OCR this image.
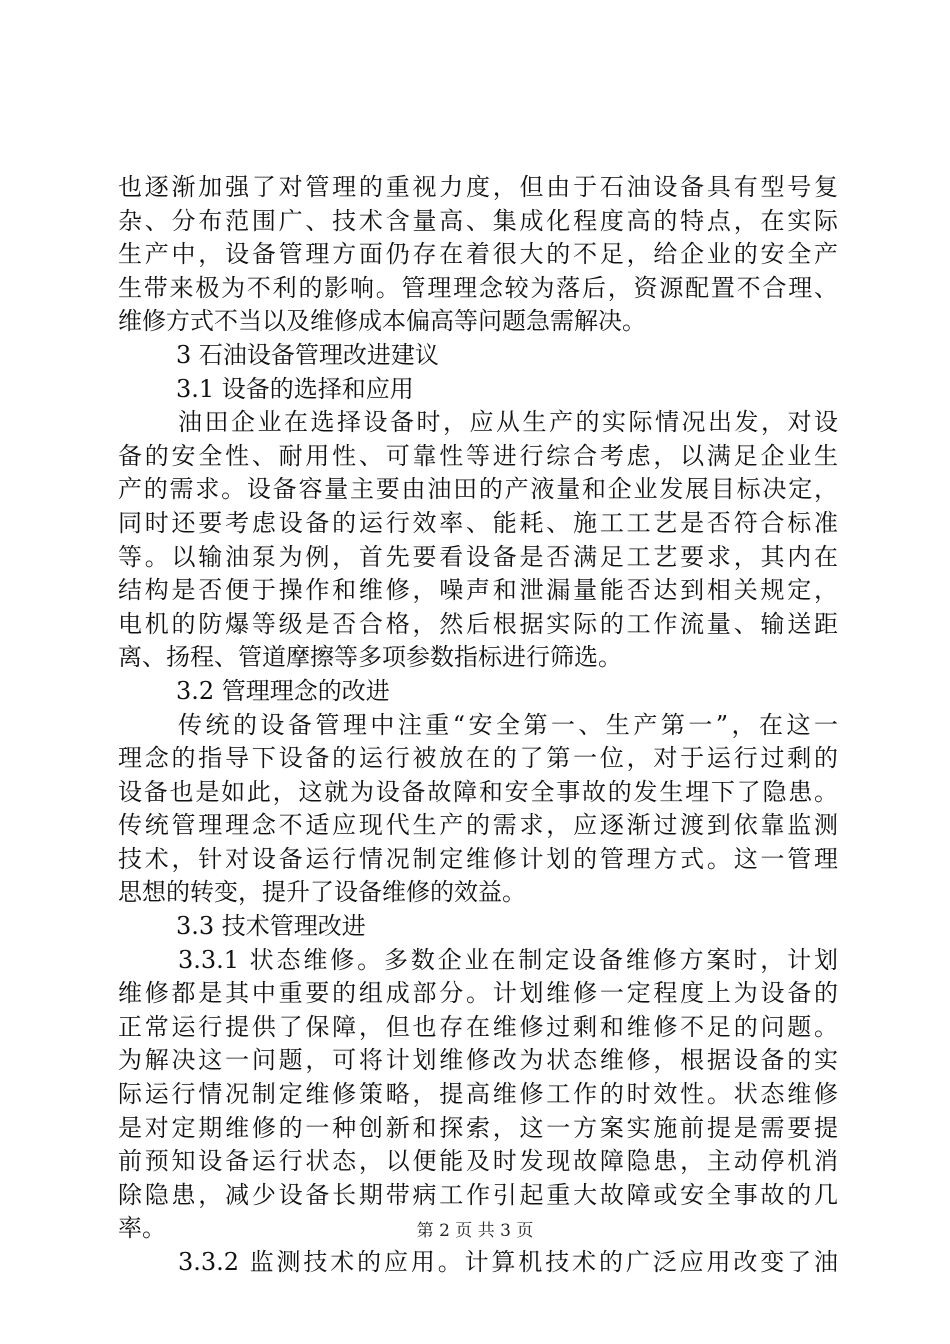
也逐渐加强了对管理的重视力度，但由于石油设备具有型号复
杂、分布范围广、技术含量高、集成化程度高的特点，在实际
生产中，设备管理方面仍存在着很大的不足，给企业的安全产
生带来极为不利的影响。管理理念较为落后，资源配置不合理、
维修方式不当以及维修成本偏高等问题急需解决。
3 石油设备管理改进建议
3.1 设备的选择和应用
油田企业在选择设备时，应从生产的实际情况出发，对设
备的安全性、耐用性、可靠性等进行综合考虑，以满足企业生
产的需求。设备容量主要由油田的产液量和企业发展目标决定，
同时还要考虑设备的运行效率、能耗、施工工艺是否符合标准
等。以输油泵为例，首先要看设备是否满足工艺要求，其内在
结构是否便于操作和维修，噪声和泄漏量能否达到相关规定，
电机的防爆等级是否合格，然后根据实际的工作流量、输送距
离、扬程、管道摩擦等多项参数指标进行筛选。
3.2 管理理念的改进
传统的设备管理中注重“安全第一、生产第一”，在这一
理念的指导下设备的运行被放在的了第一位，对于运行过剩的
设备也是如此，这就为设备故障和安全事故的发生埋下了隐患。
传统管理理念不适应现代生产的需求，应逐渐过渡到依靠监测
技术，针对设备运行情况制定维修计划的管理方式。这一管理
思想的转变，提升了设备维修的效益。
3.3 技术管理改进
3.3.1 状态维修。多数企业在制定设备维修方案时，计划
维修都是其中重要的组成部分。计划维修一定程度上为设备的
正常运行提供了保障，但也存在维修过剩和维修不足的问题。
为解决这一问题，可将计划维修改为状态维修，根据设备的实
际运行情况制定维修策略，提高维修工作的时效性。状态维修
是对定期维修的一种创新和探索，这一方案实施前提是需要提
前预知设备运行状态，以便能及时发现故障隐患，主动停机消
除隐患，减少设备长期带病工作引起重大故障或安全事故的几
率。
3.3.2 监测技术的应用。计算机技术的广泛应用改变了油
第 2 页 共 3 页
